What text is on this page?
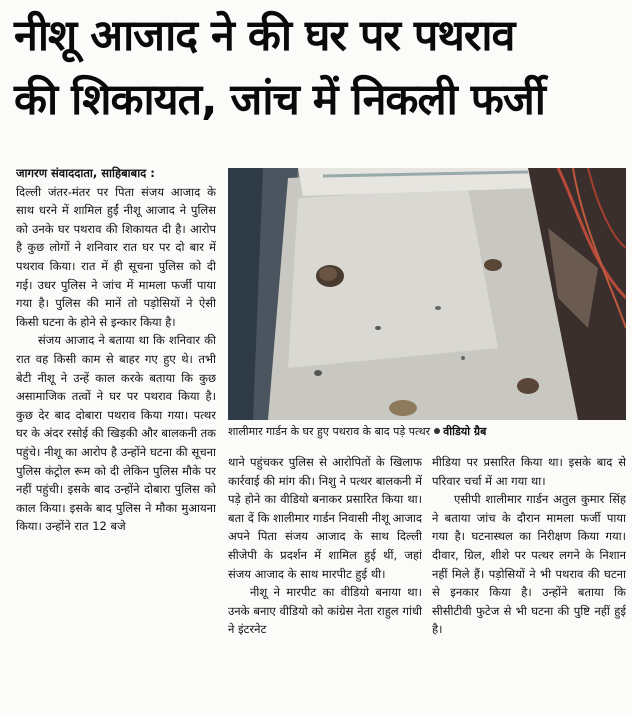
नीशू आजाद ने की घर पर पथराव
की शिकायत, जांच में निकली फर्जी

जागरण संवाददाता, साहिबाबाद :

दिल्ली जंतर-मंतर पर पिता संजय आजाद के साथ धरने में शामिल हुईं नीशू आजाद ने पुलिस को उनके घर पथराव की शिकायत दी है। आरोप है कुछ लोगों ने शनिवार रात घर पर दो बार में पथराव किया। रात में ही सूचना पुलिस को दी गई। उधर पुलिस ने जांच में मामला फर्जी पाया गया है। पुलिस की मानें तो पड़ोसियों ने ऐसी किसी घटना के होने से इन्कार किया है।

संजय आजाद ने बताया था कि शनिवार की रात वह किसी काम से बाहर गए हुए थे। तभी बेटी नीशू ने उन्हें काल करके बताया कि कुछ असामाजिक तत्वों ने घर पर पथराव किया है। कुछ देर बाद दोबारा पथराव किया गया। पत्थर घर के अंदर रसोई की खिड़की और बालकनी तक पहुंचे। नीशू का आरोप है उन्होंने घटना की सूचना पुलिस कंट्रोल रूम को दी लेकिन पुलिस मौके पर नहीं पहुंची। इसके बाद उन्होंने दोबारा पुलिस को काल किया। इसके बाद पुलिस ने मौका मुआयना किया। उन्होंने रात 12 बजे

शालीमार गार्डन के घर हुए पथराव के बाद पड़े पत्थर वीडियो ग्रैब

थाने पहुंचकर पुलिस से आरोपितों के खिलाफ कार्रवाई की मांग की। निशु ने पत्थर बालकनी में पड़े होने का वीडियो बनाकर प्रसारित किया था। बता दें कि शालीमार गार्डन निवासी नीशू आजाद अपने पिता संजय आजाद के साथ दिल्ली सीजेपी के प्रदर्शन में शामिल हुई थीं, जहां संजय आजाद के साथ मारपीट हुई थी।

नीशू ने मारपीट का वीडियो बनाया था। उनके बनाए वीडियो को कांग्रेस नेता राहुल गांधी ने इंटरनेट

मीडिया पर प्रसारित किया था। इसके बाद से परिवार चर्चा में आ गया था।

एसीपी शालीमार गार्डन अतुल कुमार सिंह ने बताया जांच के दौरान मामला फर्जी पाया गया है। घटनास्थल का निरीक्षण किया गया। दीवार, ग्रिल, शीशे पर पत्थर लगने के निशान नहीं मिले हैं। पड़ोसियों ने भी पथराव की घटना से इनकार किया है। उन्होंने बताया कि सीसीटीवी फुटेज से भी घटना की पुष्टि नहीं हुई है।
